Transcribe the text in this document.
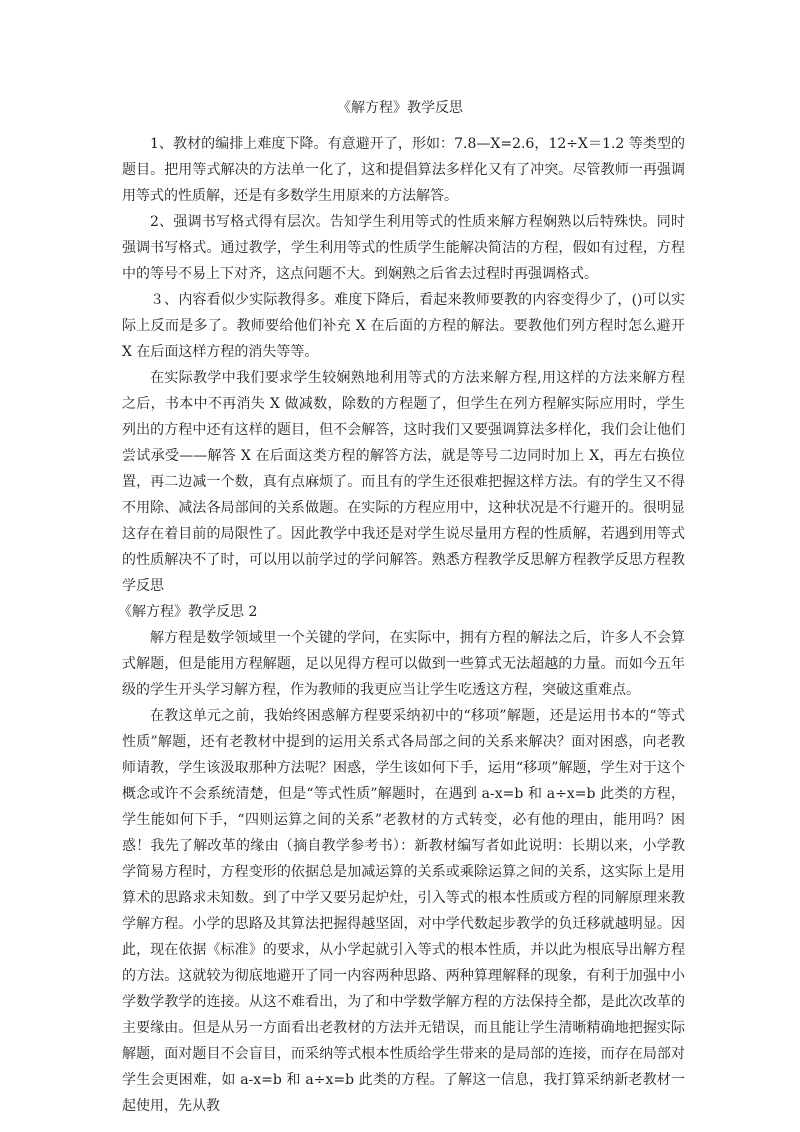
《解方程》教学反思

1、教材的编排上难度下降。有意避开了，形如：7.8—X=2.6，12÷X＝1.2 等类型的题目。把用等式解决的方法单一化了，这和提倡算法多样化又有了冲突。尽管教师一再强调用等式的性质解，还是有多数学生用原来的方法解答。

2、强调书写格式得有层次。告知学生利用等式的性质来解方程娴熟以后特殊快。同时强调书写格式。通过教学，学生利用等式的性质学生能解决简洁的方程，假如有过程，方程中的等号不易上下对齐，这点问题不大。到娴熟之后省去过程时再强调格式。

３、内容看似少实际教得多。难度下降后，看起来教师要教的内容变得少了，()可以实际上反而是多了。教师要给他们补充 X 在后面的方程的解法。要教他们列方程时怎么避开 X 在后面这样方程的消失等等。

在实际教学中我们要求学生较娴熟地利用等式的方法来解方程,用这样的方法来解方程之后，书本中不再消失 X 做减数，除数的方程题了，但学生在列方程解实际应用时，学生列出的方程中还有这样的题目，但不会解答，这时我们又要强调算法多样化，我们会让他们尝试承受——解答 X 在后面这类方程的解答方法，就是等号二边同时加上 X，再左右换位置，再二边减一个数，真有点麻烦了。而且有的学生还很难把握这样方法。有的学生又不得不用除、减法各局部间的关系做题。在实际的方程应用中，这种状况是不行避开的。很明显这存在着目前的局限性了。因此教学中我还是对学生说尽量用方程的性质解，若遇到用等式的性质解决不了时，可以用以前学过的学问解答。熟悉方程教学反思解方程教学反思方程教学反思

《解方程》教学反思 2

解方程是数学领域里一个关键的学问，在实际中，拥有方程的解法之后，许多人不会算式解题，但是能用方程解题，足以见得方程可以做到一些算式无法超越的力量。而如今五年级的学生开头学习解方程，作为教师的我更应当让学生吃透这方程，突破这重难点。

在教这单元之前，我始终困惑解方程要采纳初中的“移项”解题，还是运用书本的“等式性质”解题，还有老教材中提到的运用关系式各局部之间的关系来解决？面对困惑，向老教师请教，学生该汲取那种方法呢？困惑，学生该如何下手，运用“移项”解题，学生对于这个概念或许不会系统清楚，但是“等式性质”解题时，在遇到 a-x=b 和 a÷x=b 此类的方程，学生能如何下手，“四则运算之间的关系”老教材的方式转变，必有他的理由，能用吗？困惑！我先了解改革的缘由（摘自教学参考书）：新教材编写者如此说明：长期以来，小学教学简易方程时，方程变形的依据总是加减运算的关系或乘除运算之间的关系，这实际上是用算术的思路求未知数。到了中学又要另起炉灶，引入等式的根本性质或方程的同解原理来教学解方程。小学的思路及其算法把握得越坚固，对中学代数起步教学的负迁移就越明显。因此，现在依据《标准》的要求，从小学起就引入等式的根本性质，并以此为根底导出解方程的方法。这就较为彻底地避开了同一内容两种思路、两种算理解释的现象，有利于加强中小学数学教学的连接。从这不难看出，为了和中学数学解方程的方法保持全都，是此次改革的主要缘由。但是从另一方面看出老教材的方法并无错误，而且能让学生清晰精确地把握实际解题，面对题目不会盲目，而采纳等式根本性质给学生带来的是局部的连接，而存在局部对学生会更困难，如 a-x=b 和 a÷x=b 此类的方程。了解这一信息，我打算采纳新老教材一起使用，先从教
